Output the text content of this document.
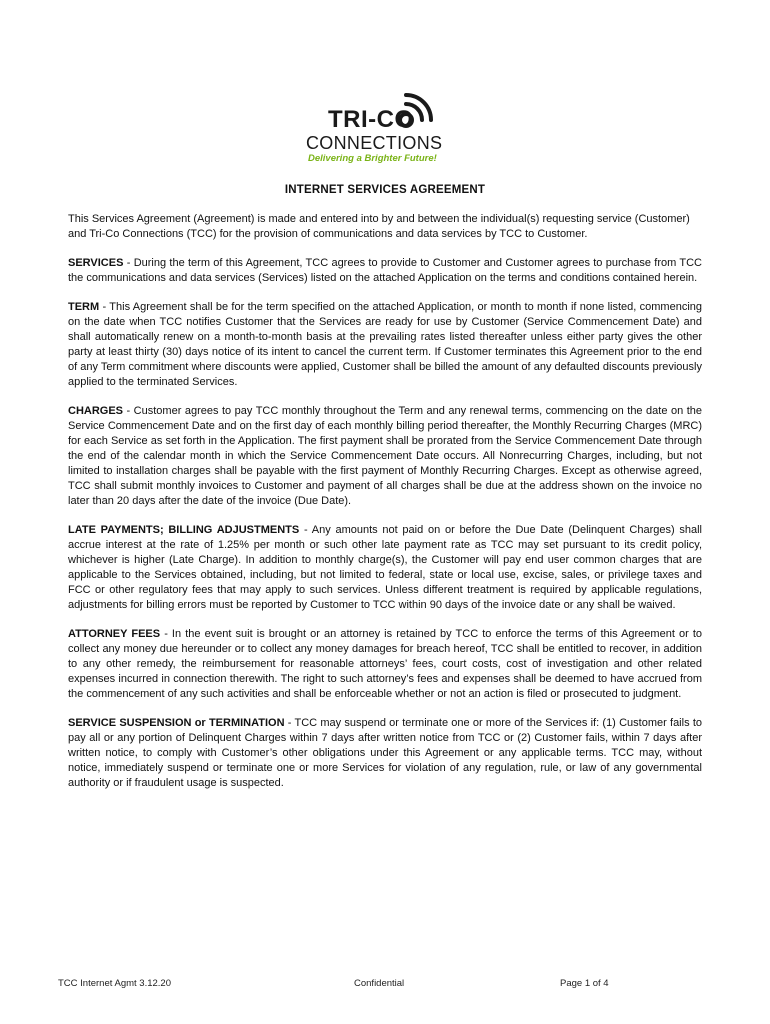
TRI-CO
CONNECTIONS
Delivering a Brighter Future!
INTERNET SERVICES AGREEMENT

This Services Agreement (Agreement) is made and entered into by and between the individual(s) requesting service (Customer) and Tri-Co Connections (TCC) for the provision of communications and data services by TCC to Customer.

SERVICES - During the term of this Agreement, TCC agrees to provide to Customer and Customer agrees to purchase from TCC the communications and data services (Services) listed on the attached Application on the terms and conditions contained herein.

TERM - This Agreement shall be for the term specified on the attached Application, or month to month if none listed, commencing on the date when TCC notifies Customer that the Services are ready for use by Customer (Service Commencement Date) and shall automatically renew on a month-to-month basis at the prevailing rates listed thereafter unless either party gives the other party at least thirty (30) days notice of its intent to cancel the current term. If Customer terminates this Agreement prior to the end of any Term commitment where discounts were applied, Customer shall be billed the amount of any defaulted discounts previously applied to the terminated Services.

CHARGES - Customer agrees to pay TCC monthly throughout the Term and any renewal terms, commencing on the date on the Service Commencement Date and on the first day of each monthly billing period thereafter, the Monthly Recurring Charges (MRC) for each Service as set forth in the Application. The first payment shall be prorated from the Service Commencement Date through the end of the calendar month in which the Service Commencement Date occurs. All Nonrecurring Charges, including, but not limited to installation charges shall be payable with the first payment of Monthly Recurring Charges. Except as otherwise agreed, TCC shall submit monthly invoices to Customer and payment of all charges shall be due at the address shown on the invoice no later than 20 days after the date of the invoice (Due Date).

LATE PAYMENTS; BILLING ADJUSTMENTS - Any amounts not paid on or before the Due Date (Delinquent Charges) shall accrue interest at the rate of 1.25% per month or such other late payment rate as TCC may set pursuant to its credit policy, whichever is higher (Late Charge). In addition to monthly charge(s), the Customer will pay end user common charges that are applicable to the Services obtained, including, but not limited to federal, state or local use, excise, sales, or privilege taxes and FCC or other regulatory fees that may apply to such services. Unless different treatment is required by applicable regulations, adjustments for billing errors must be reported by Customer to TCC within 90 days of the invoice date or any shall be waived.

ATTORNEY FEES - In the event suit is brought or an attorney is retained by TCC to enforce the terms of this Agreement or to collect any money due hereunder or to collect any money damages for breach hereof, TCC shall be entitled to recover, in addition to any other remedy, the reimbursement for reasonable attorneys’ fees, court costs, cost of investigation and other related expenses incurred in connection therewith. The right to such attorney’s fees and expenses shall be deemed to have accrued from the commencement of any such activities and shall be enforceable whether or not an action is filed or prosecuted to judgment.

SERVICE SUSPENSION or TERMINATION - TCC may suspend or terminate one or more of the Services if: (1) Customer fails to pay all or any portion of Delinquent Charges within 7 days after written notice from TCC or (2) Customer fails, within 7 days after written notice, to comply with Customer’s other obligations under this Agreement or any applicable terms. TCC may, without notice, immediately suspend or terminate one or more Services for violation of any regulation, rule, or law of any governmental authority or if fraudulent usage is suspected.

TCC Internet Agmt 3.12.20	Confidential	Page 1 of 4
